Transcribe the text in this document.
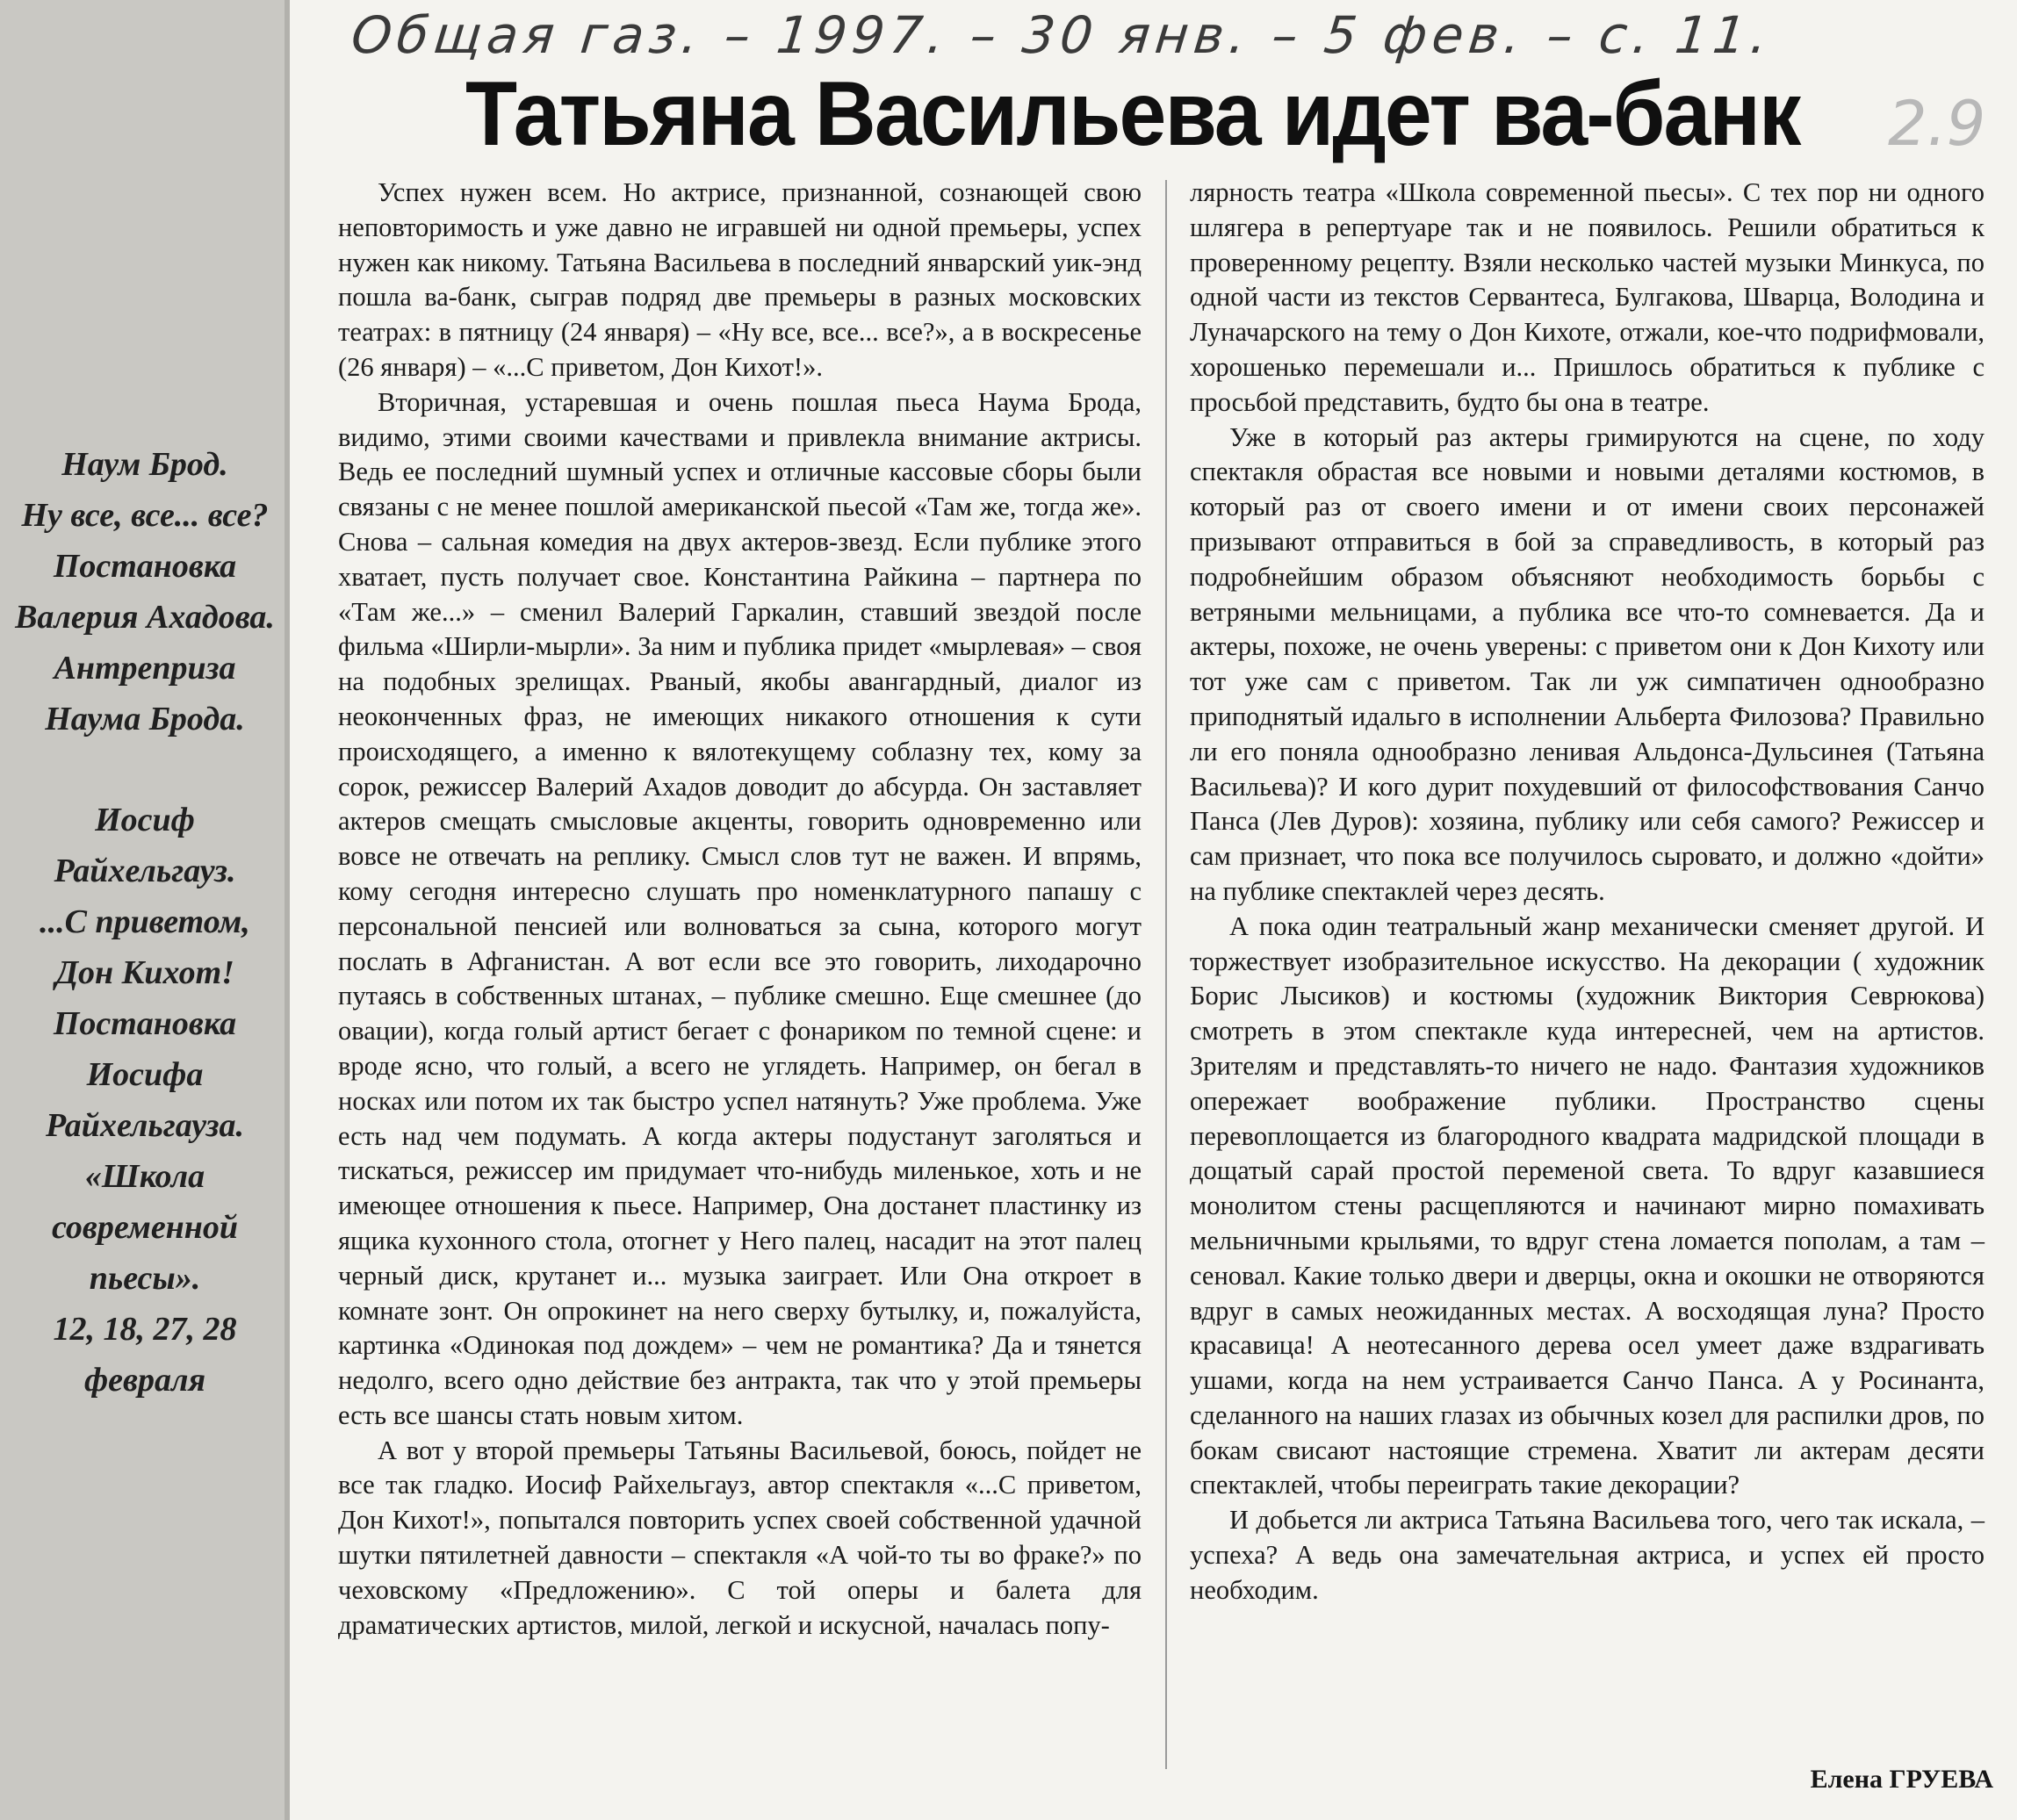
Наум Брод.
Ну все, все... все?
Постановка
Валерия Ахадова.
Антреприза
Наума Брода.
Иосиф
Райхельгауз.
...С приветом,
Дон Кихот!
Постановка
Иосифа
Райхельгауза.
«Школа
современной
пьесы».
12, 18, 27, 28
февраля
Общая газ. – 1997. – 30 янв. – 5 фев. – с. 11.
2.9
Татьяна Васильева идет ва-банк

Успех нужен всем. Но актрисе, признанной, сознающей свою неповторимость и уже давно не игравшей ни одной премьеры, успех нужен как никому. Татьяна Васильева в последний январский уик-энд пошла ва-банк, сыграв подряд две премьеры в разных московских театрах: в пятницу (24 января) – «Ну все, все... все?», а в воскресенье (26 января) – «...С приветом, Дон Кихот!».

Вторичная, устаревшая и очень пошлая пьеса Наума Брода, видимо, этими своими качествами и привлекла внимание актрисы. Ведь ее последний шумный успех и отличные кассовые сборы были связаны с не менее пошлой американской пьесой «Там же, тогда же». Снова – сальная комедия на двух актеров-звезд. Если публике этого хватает, пусть получает свое. Константина Райкина – партнера по «Там же...» – сменил Валерий Гаркалин, ставший звездой после фильма «Ширли-мырли». За ним и публика придет «мырлевая» – своя на подобных зрелищах. Рваный, якобы авангардный, диалог из неоконченных фраз, не имеющих никакого отношения к сути происходящего, а именно к вялотекущему соблазну тех, кому за сорок, режиссер Валерий Ахадов доводит до абсурда. Он заставляет актеров смещать смысловые акценты, говорить одновременно или вовсе не отвечать на реплику. Смысл слов тут не важен. И впрямь, кому сегодня интересно слушать про номенклатурного папашу с персональной пенсией или волноваться за сына, которого могут послать в Афганистан. А вот если все это говорить, лиходарочно путаясь в собственных штанах, – публике смешно. Еще смешнее (до овации), когда голый артист бегает с фонариком по темной сцене: и вроде ясно, что голый, а всего не углядеть. Например, он бегал в носках или потом их так быстро успел натянуть? Уже проблема. Уже есть над чем подумать. А когда актеры подустанут заголяться и тискаться, режиссер им придумает что-нибудь миленькое, хоть и не имеющее отношения к пьесе. Например, Она достанет пластинку из ящика кухонного стола, отогнет у Него палец, насадит на этот палец черный диск, крутанет и... музыка заиграет. Или Она откроет в комнате зонт. Он опрокинет на него сверху бутылку, и, пожалуйста, картинка «Одинокая под дождем» – чем не романтика? Да и тянется недолго, всего одно действие без антракта, так что у этой премьеры есть все шансы стать новым хитом.

А вот у второй премьеры Татьяны Васильевой, боюсь, пойдет не все так гладко. Иосиф Райхельгауз, автор спектакля «...С приветом, Дон Кихот!», попытался повторить успех своей собственной удачной шутки пятилетней давности – спектакля «А чой-то ты во фраке?» по чеховскому «Предложению». С той оперы и балета для драматических артистов, милой, легкой и искусной, началась попу-

лярность театра «Школа современной пьесы». С тех пор ни одного шлягера в репертуаре так и не появилось. Решили обратиться к проверенному рецепту. Взяли несколько частей музыки Минкуса, по одной части из текстов Сервантеса, Булгакова, Шварца, Володина и Луначарского на тему о Дон Кихоте, отжали, кое-что подрифмовали, хорошенько перемешали и... Пришлось обратиться к публике с просьбой представить, будто бы она в театре.

Уже в который раз актеры гримируются на сцене, по ходу спектакля обрастая все новыми и новыми деталями костюмов, в который раз от своего имени и от имени своих персонажей призывают отправиться в бой за справедливость, в который раз подробнейшим образом объясняют необходимость борьбы с ветряными мельницами, а публика все что-то сомневается. Да и актеры, похоже, не очень уверены: с приветом они к Дон Кихоту или тот уже сам с приветом. Так ли уж симпатичен однообразно приподнятый идальго в исполнении Альберта Филозова? Правильно ли его поняла однообразно ленивая Альдонса-Дульсинея (Татьяна Васильева)? И кого дурит похудевший от философствования Санчо Панса (Лев Дуров): хозяина, публику или себя самого? Режиссер и сам признает, что пока все получилось сыровато, и должно «дойти» на публике спектаклей через десять.

А пока один театральный жанр механически сменяет другой. И торжествует изобразительное искусство. На декорации ( художник Борис Лысиков) и костюмы (художник Виктория Севрюкова) смотреть в этом спектакле куда интересней, чем на артистов. Зрителям и представлять-то ничего не надо. Фантазия художников опережает воображение публики. Пространство сцены перевоплощается из благородного квадрата мадридской площади в дощатый сарай простой переменой света. То вдруг казавшиеся монолитом стены расщепляются и начинают мирно помахивать мельничными крыльями, то вдруг стена ломается пополам, а там – сеновал. Какие только двери и дверцы, окна и окошки не отворяются вдруг в самых неожиданных местах. А восходящая луна? Просто красавица! А неотесанного дерева осел умеет даже вздрагивать ушами, когда на нем устраивается Санчо Панса. А у Росинанта, сделанного на наших глазах из обычных козел для распилки дров, по бокам свисают настоящие стремена. Хватит ли актерам десяти спектаклей, чтобы переиграть такие декорации?

И добьется ли актриса Татьяна Васильева того, чего так искала, – успеха? А ведь она замечательная актриса, и успех ей просто необходим.

Елена ГРУЕВА
